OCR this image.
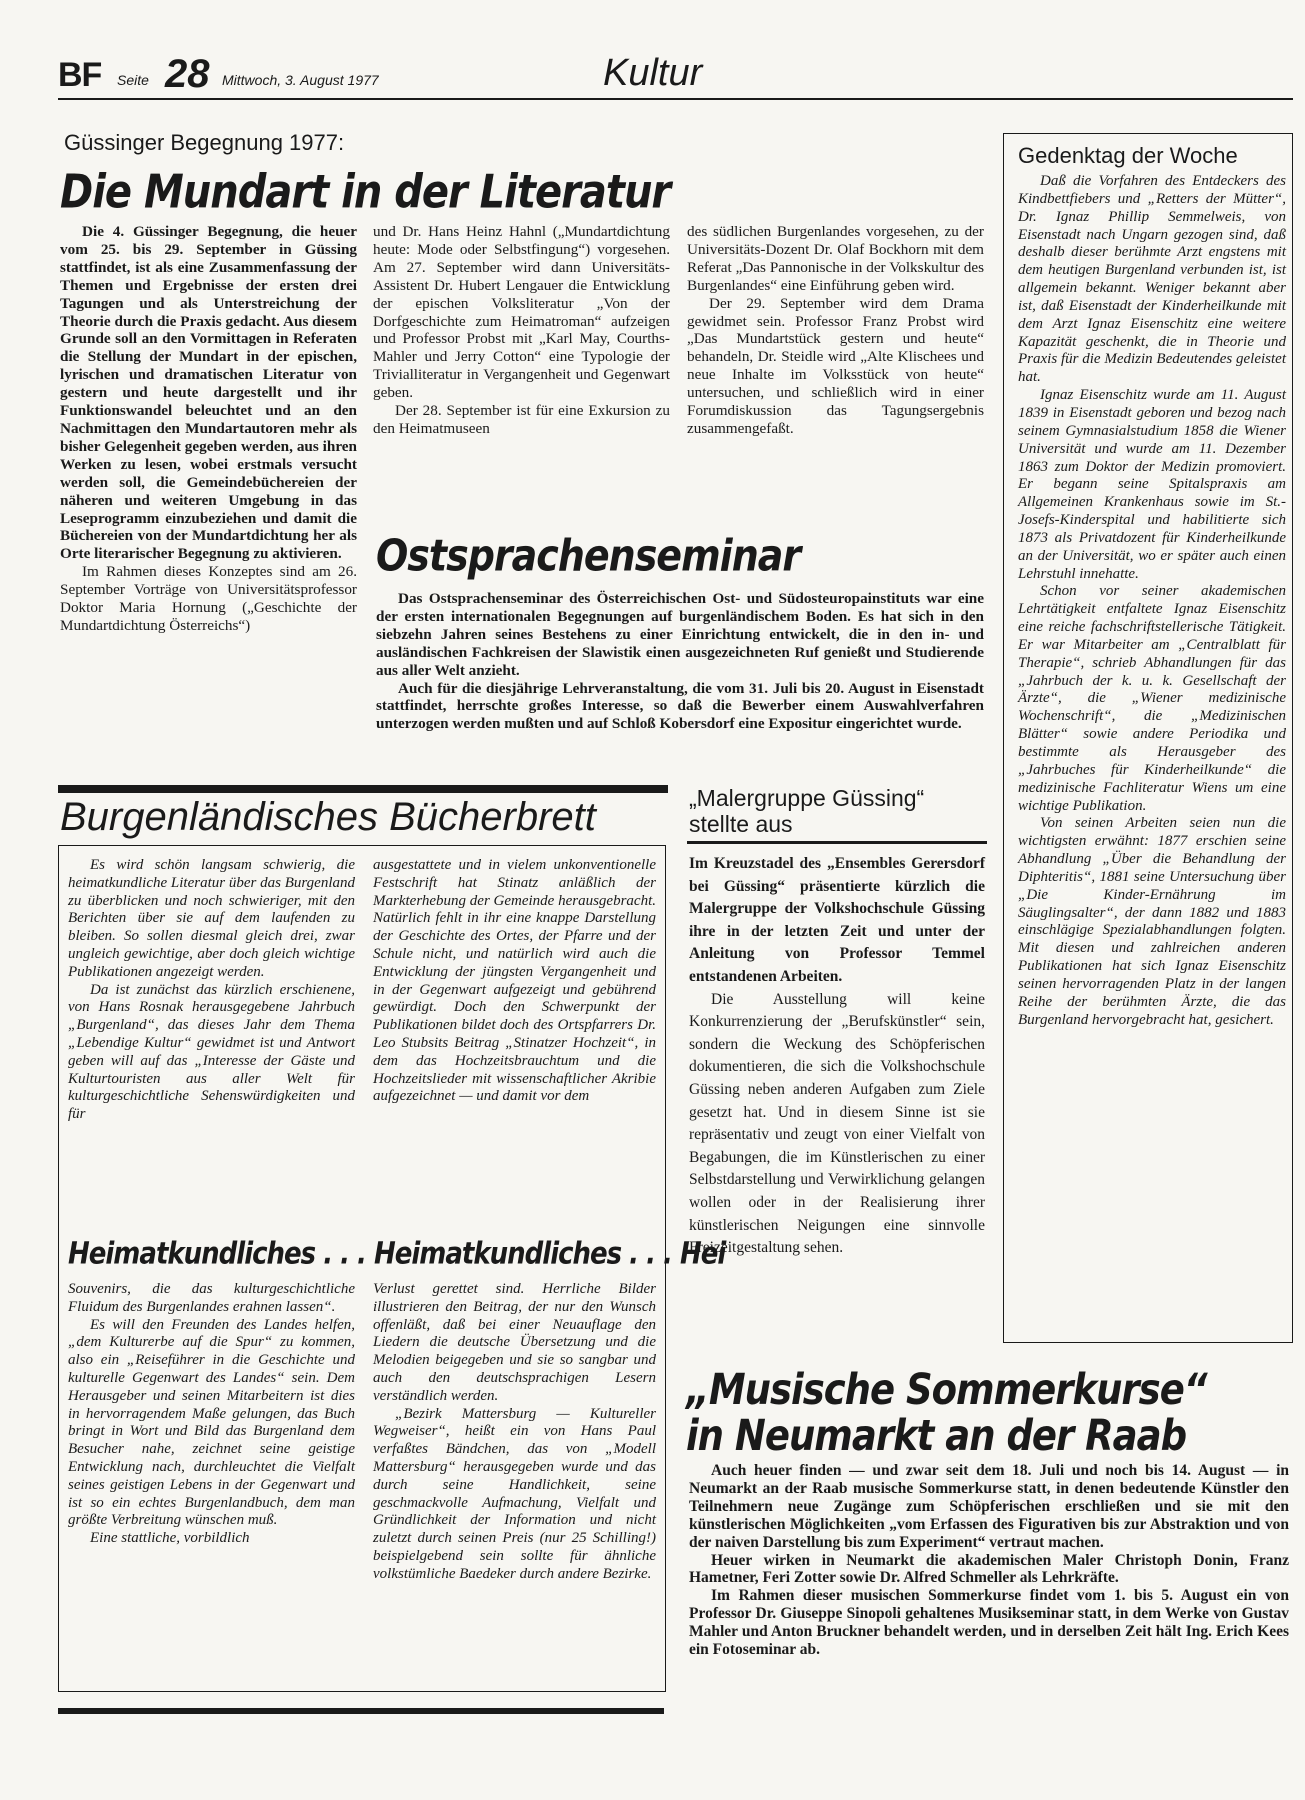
BF Seite 28 Mittwoch, 3. August 1977	Kultur
Güssinger Begegnung 1977:
Die Mundart in der Literatur

Die 4. Güssinger Begegnung, die heuer vom 25. bis 29. September in Güssing stattfindet, ist als eine Zusammenfassung der Themen und Ergebnisse der ersten drei Tagungen und als Unterstreichung der Theorie durch die Praxis gedacht. Aus diesem Grunde soll an den Vormittagen in Referaten die Stellung der Mundart in der epischen, lyrischen und dramatischen Literatur von gestern und heute dargestellt und ihr Funktionswandel beleuchtet und an den Nachmittagen den Mundartautoren mehr als bisher Gelegenheit gegeben werden, aus ihren Werken zu lesen, wobei erstmals versucht werden soll, die Gemeindebüchereien der näheren und weiteren Umgebung in das Leseprogramm einzubeziehen und damit die Büchereien von der Mundartdichtung her als Orte literarischer Begegnung zu aktivieren.

Im Rahmen dieses Konzeptes sind am 26. September Vorträge von Universitätsprofessor Doktor Maria Hornung („Geschichte der Mundartdichtung Österreichs“)

und Dr. Hans Heinz Hahnl („Mundartdichtung heute: Mode oder Selbstfingung“) vorgesehen. Am 27. September wird dann Universitäts-Assistent Dr. Hubert Lengauer die Entwicklung der epischen Volksliteratur „Von der Dorfgeschichte zum Heimatroman“ aufzeigen und Professor Probst mit „Karl May, Courths-Mahler und Jerry Cotton“ eine Typologie der Trivialliteratur in Vergangenheit und Gegenwart geben.

Der 28. September ist für eine Exkursion zu den Heimatmuseen

des südlichen Burgenlandes vorgesehen, zu der Universitäts-Dozent Dr. Olaf Bockhorn mit dem Referat „Das Pannonische in der Volkskultur des Burgenlandes“ eine Einführung geben wird.

Der 29. September wird dem Drama gewidmet sein. Professor Franz Probst wird „Das Mundartstück gestern und heute“ behandeln, Dr. Steidle wird „Alte Klischees und neue Inhalte im Volksstück von heute“ untersuchen, und schließlich wird in einer Forumdiskussion das Tagungsergebnis zusammengefaßt.

Ostsprachenseminar

Das Ostsprachenseminar des Österreichischen Ost- und Südosteuropainstituts war eine der ersten internationalen Begegnungen auf burgenländischem Boden. Es hat sich in den siebzehn Jahren seines Bestehens zu einer Einrichtung entwickelt, die in den in- und ausländischen Fachkreisen der Slawistik einen ausgezeichneten Ruf genießt und Studierende aus aller Welt anzieht.

Auch für die diesjährige Lehrveranstaltung, die vom 31. Juli bis 20. August in Eisenstadt stattfindet, herrschte großes Interesse, so daß die Bewerber einem Auswahlverfahren unterzogen werden mußten und auf Schloß Kobersdorf eine Expositur eingerichtet wurde.

Gedenktag der Woche

Daß die Vorfahren des Entdeckers des Kindbettfiebers und „Retters der Mütter“, Dr. Ignaz Phillip Semmelweis, von Eisenstadt nach Ungarn gezogen sind, daß deshalb dieser berühmte Arzt engstens mit dem heutigen Burgenland verbunden ist, ist allgemein bekannt. Weniger bekannt aber ist, daß Eisenstadt der Kinderheilkunde mit dem Arzt Ignaz Eisenschitz eine weitere Kapazität geschenkt, die in Theorie und Praxis für die Medizin Bedeutendes geleistet hat.

Ignaz Eisenschitz wurde am 11. August 1839 in Eisenstadt geboren und bezog nach seinem Gymnasialstudium 1858 die Wiener Universität und wurde am 11. Dezember 1863 zum Doktor der Medizin promoviert. Er begann seine Spitalspraxis am Allgemeinen Krankenhaus sowie im St.-Josefs-Kinderspital und habilitierte sich 1873 als Privatdozent für Kinderheilkunde an der Universität, wo er später auch einen Lehrstuhl innehatte.

Schon vor seiner akademischen Lehrtätigkeit entfaltete Ignaz Eisenschitz eine reiche fachschriftstellerische Tätigkeit. Er war Mitarbeiter am „Centralblatt für Therapie“, schrieb Abhandlungen für das „Jahrbuch der k. u. k. Gesellschaft der Ärzte“, die „Wiener medizinische Wochenschrift“, die „Medizinischen Blätter“ sowie andere Periodika und bestimmte als Herausgeber des „Jahrbuches für Kinderheilkunde“ die medizinische Fachliteratur Wiens um eine wichtige Publikation.

Von seinen Arbeiten seien nun die wichtigsten erwähnt: 1877 erschien seine Abhandlung „Über die Behandlung der Diphteritis“, 1881 seine Untersuchung über „Die Kinder-Ernährung im Säuglingsalter“, der dann 1882 und 1883 einschlägige Spezialabhandlungen folgten. Mit diesen und zahlreichen anderen Publikationen hat sich Ignaz Eisenschitz seinen hervorragenden Platz in der langen Reihe der berühmten Ärzte, die das Burgenland hervorgebracht hat, gesichert.

Burgenländisches Bücherbrett

Es wird schön langsam schwierig, die heimatkundliche Literatur über das Burgenland zu überblicken und noch schwieriger, mit den Berichten über sie auf dem laufenden zu bleiben. So sollen diesmal gleich drei, zwar ungleich gewichtige, aber doch gleich wichtige Publikationen angezeigt werden.

Da ist zunächst das kürzlich erschienene, von Hans Rosnak herausgegebene Jahrbuch „Burgenland“, das dieses Jahr dem Thema „Lebendige Kultur“ gewidmet ist und Antwort geben will auf das „Interesse der Gäste und Kulturtouristen aus aller Welt für kulturgeschichtliche Sehenswürdigkeiten und für

ausgestattete und in vielem unkonventionelle Festschrift hat Stinatz anläßlich der Markterhebung der Gemeinde herausgebracht. Natürlich fehlt in ihr eine knappe Darstellung der Geschichte des Ortes, der Pfarre und der Schule nicht, und natürlich wird auch die Entwicklung der jüngsten Vergangenheit und in der Gegenwart aufgezeigt und gebührend gewürdigt. Doch den Schwerpunkt der Publikationen bildet doch des Ortspfarrers Dr. Leo Stubsits Beitrag „Stinatzer Hochzeit“, in dem das Hochzeitsbrauchtum und die Hochzeitslieder mit wissenschaftlicher Akribie aufgezeichnet — und damit vor dem

Heimatkundliches . . . Heimatkundliches . . . Hei

Souvenirs, die das kulturgeschichtliche Fluidum des Burgenlandes erahnen lassen“.

Es will den Freunden des Landes helfen, „dem Kulturerbe auf die Spur“ zu kommen, also ein „Reiseführer in die Geschichte und kulturelle Gegenwart des Landes“ sein. Dem Herausgeber und seinen Mitarbeitern ist dies in hervorragendem Maße gelungen, das Buch bringt in Wort und Bild das Burgenland dem Besucher nahe, zeichnet seine geistige Entwicklung nach, durchleuchtet die Vielfalt seines geistigen Lebens in der Gegenwart und ist so ein echtes Burgenlandbuch, dem man größte Verbreitung wünschen muß.

Eine stattliche, vorbildlich

Verlust gerettet sind. Herrliche Bilder illustrieren den Beitrag, der nur den Wunsch offenläßt, daß bei einer Neuauflage den Liedern die deutsche Übersetzung und die Melodien beigegeben und sie so sangbar und auch den deutschsprachigen Lesern verständlich werden.

„Bezirk Mattersburg — Kultureller Wegweiser“, heißt ein von Hans Paul verfaßtes Bändchen, das von „Modell Mattersburg“ herausgegeben wurde und das durch seine Handlichkeit, seine geschmackvolle Aufmachung, Vielfalt und Gründlichkeit der Information und nicht zuletzt durch seinen Preis (nur 25 Schilling!) beispielgebend sein sollte für ähnliche volkstümliche Baedeker durch andere Bezirke.

„Malergruppe Güssing“
stellte aus

Im Kreuzstadel des „Ensembles Gerersdorf bei Güssing“ präsentierte kürzlich die Malergruppe der Volkshochschule Güssing ihre in der letzten Zeit und unter der Anleitung von Professor Temmel entstandenen Arbeiten.

Die Ausstellung will keine Konkurrenzierung der „Berufskünstler“ sein, sondern die Weckung des Schöpferischen dokumentieren, die sich die Volkshochschule Güssing neben anderen Aufgaben zum Ziele gesetzt hat. Und in diesem Sinne ist sie repräsentativ und zeugt von einer Vielfalt von Begabungen, die im Künstlerischen zu einer Selbstdarstellung und Verwirklichung gelangen wollen oder in der Realisierung ihrer künstlerischen Neigungen eine sinnvolle Freizeitgestaltung sehen.

„Musische Sommerkurse“
in Neumarkt an der Raab

Auch heuer finden — und zwar seit dem 18. Juli und noch bis 14. August — in Neumarkt an der Raab musische Sommerkurse statt, in denen bedeutende Künstler den Teilnehmern neue Zugänge zum Schöpferischen erschließen und sie mit den künstlerischen Möglichkeiten „vom Erfassen des Figurativen bis zur Abstraktion und von der naiven Darstellung bis zum Experiment“ vertraut machen.

Heuer wirken in Neumarkt die akademischen Maler Christoph Donin, Franz Hametner, Feri Zotter sowie Dr. Alfred Schmeller als Lehrkräfte.

Im Rahmen dieser musischen Sommerkurse findet vom 1. bis 5. August ein von Professor Dr. Giuseppe Sinopoli gehaltenes Musikseminar statt, in dem Werke von Gustav Mahler und Anton Bruckner behandelt werden, und in derselben Zeit hält Ing. Erich Kees ein Fotoseminar ab.
